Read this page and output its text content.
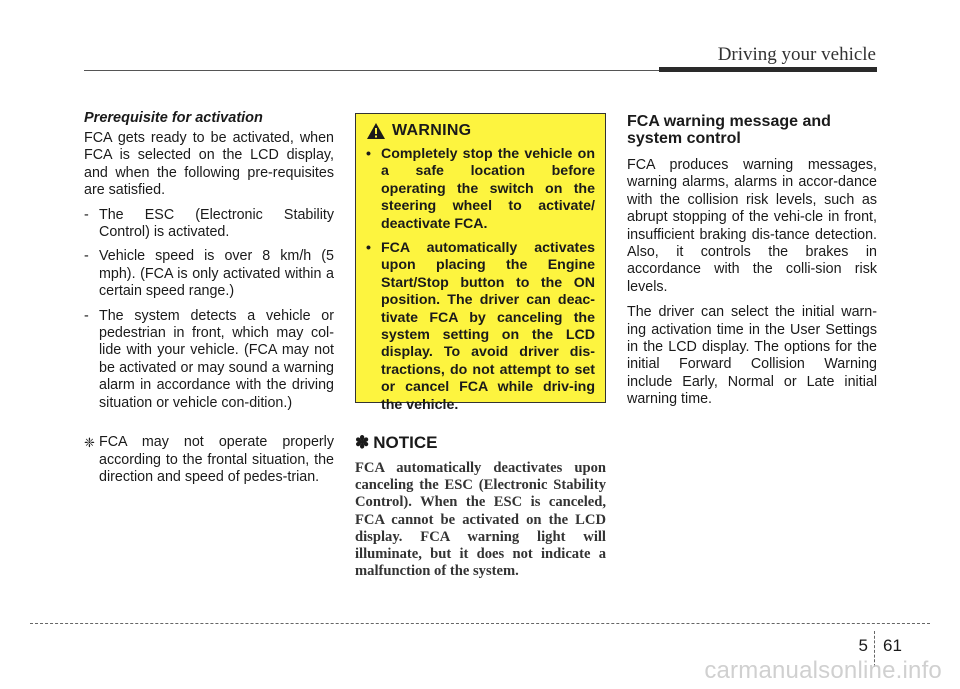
Driving your vehicle
Prerequisite for activation

FCA gets ready to be activated, when FCA is selected on the LCD display, and when the following pre-requisites are satisfied.

- The ESC (Electronic Stability Control) is activated.
- Vehicle speed is over 8 km/h (5 mph). (FCA is only activated within a certain speed range.)
- The system detects a vehicle or pedestrian in front, which may col-lide with your vehicle. (FCA may not be activated or may sound a warning alarm in accordance with the driving situation or vehicle con-dition.)
❈ FCA may not operate properly according to the frontal situation, the direction and speed of pedes-trian.
WARNING
• Completely stop the vehicle on a safe location before operating the switch on the steering wheel to activate/ deactivate FCA.
• FCA automatically activates upon placing the Engine Start/Stop button to the ON position. The driver can deac-tivate FCA by canceling the system setting on the LCD display. To avoid driver dis-tractions, do not attempt to set or cancel FCA while driv-ing the vehicle.
✽ NOTICE
FCA automatically deactivates upon canceling the ESC (Electronic Stability Control). When the ESC is canceled, FCA cannot be activated on the LCD display. FCA warning light will illuminate, but it does not indicate a malfunction of the system.
FCA warning message and system control

FCA produces warning messages, warning alarms, alarms in accor-dance with the collision risk levels, such as abrupt stopping of the vehi-cle in front, insufficient braking dis-tance detection. Also, it controls the brakes in accordance with the colli-sion risk levels.

The driver can select the initial warn-ing activation time in the User Settings in the LCD display. The options for the initial Forward Collision Warning include Early, Normal or Late initial warning time.

5 61
carmanualsonline.info
